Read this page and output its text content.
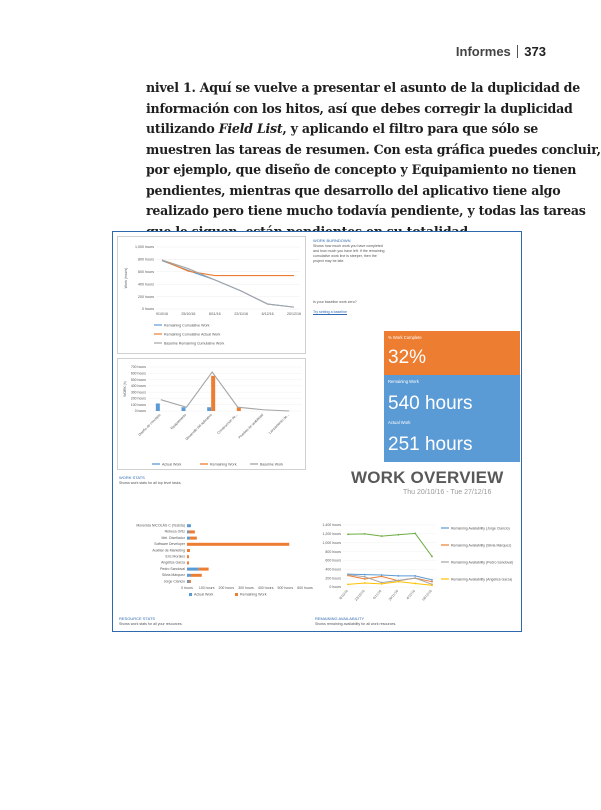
Informes 373

nivel 1. Aquí se vuelve a presentar el asunto de la duplicidad de

información con los hitos, así que debes corregir la duplicidad

utilizando Field List, y aplicando el filtro para que sólo se

muestren las tareas de resumen. Con esta gráfica puedes concluir,

por ejemplo, que diseño de concepto y Equipamiento no tienen

pendientes, mientras que desarrollo del aplicativo tiene algo

realizado pero tiene mucho todavía pendiente, y todas las tareas

0 hours
200 hours
400 hours
600 hours
800 hours
1,000 hours
Work (hours)
9/10/16	25/10/16	8/11/16	22/11/16	6/12/16	20/12/16
Remaining Cumulative Work
Remaining Cumulative Actual Work
Baseline Remaining Cumulative Work
WORK BURNDOWN
Shows how much work you have completed
and how much you have left. If the remaining
cumulative work line is steeper, then the
project may be late.
Is your baseline work zero?
Try setting a baseline
0 hours
100 hours
200 hours
300 hours
400 hours
500 hours
600 hours
700 hours
WORK (h)
Diseño de concepto Equipamiento
Desarrollo del aplicativo Construcción de... Pruebas de usabilidad Lanzamiento de...
Actual Work	Remaining Work	Baseline Work
WORK STATS
Shows work stats for all top level tasks.
% Work Complete
32%
Remaining Work
540 hours
Actual Work
251 hours
WORK OVERVIEW
Thu 20/10/16 - Tue 27/12/16
Morenida NICOLÁS C (Tesista)
Rebeca Ortiz
Mel. Diseñador
Software Developer
Auxiliar de Marketing
Eric Morales
Angélica Garza
Pedro Sandoval
Silvia Márquez
Jorge Ciancio
0 hours 100 hours 200 hours 300 hours 400 hours 500 hours 600 hours
Actual Work	Remaining Work
RESOURCE STATS
Shows work stats for all your resources.
0 hours
200 hours
400 hours
600 hours
800 hours
1,000 hours
1,200 hours
1,400 hours
9/10/16 23/10/16 6/11/16 20/11/16 4/12/16 18/12/16
Remaining Availability (Jorge Ciancio)
Remaining Availability (Silvia Márquez)
Remaining Availability (Pedro Sandoval)
Remaining Availability (Angélica Garza)
REMAINING AVAILABILITY
Shows remaining availability for all work resources.
